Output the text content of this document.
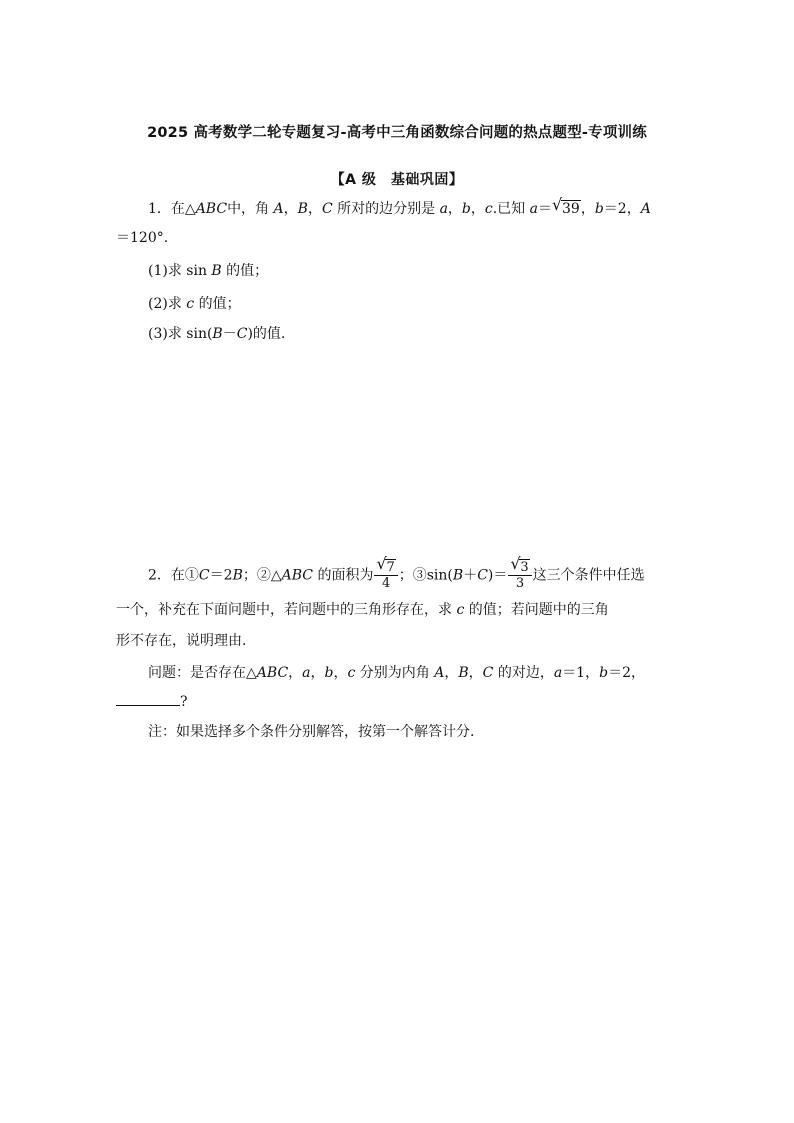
2025 高考数学二轮专题复习-高考中三角函数综合问题的热点题型-专项训练
【A 级　基础巩固】
1．在△ABC中，角 A，B，C 所对的边分别是 a，b，c.已知 a＝ √ 39，b＝2，A
＝120°.
(1)求 sin B 的值；
(2)求 c 的值；
(3)求 sin(B－C)的值.
2．在①C＝2B；②△ABC 的面积为 $\frac{√ 7}{4}$ ；③sin(B＋C)＝ $\frac{√ 3}{3}$ 这三个条件中任选
一个，补充在下面问题中，若问题中的三角形存在，求 c 的值；若问题中的三角
形不存在，说明理由.
问题：是否存在△ABC，a，b，c 分别为内角 A，B，C 的对边，a＝1，b＝2，
?
注：如果选择多个条件分别解答，按第一个解答计分.
